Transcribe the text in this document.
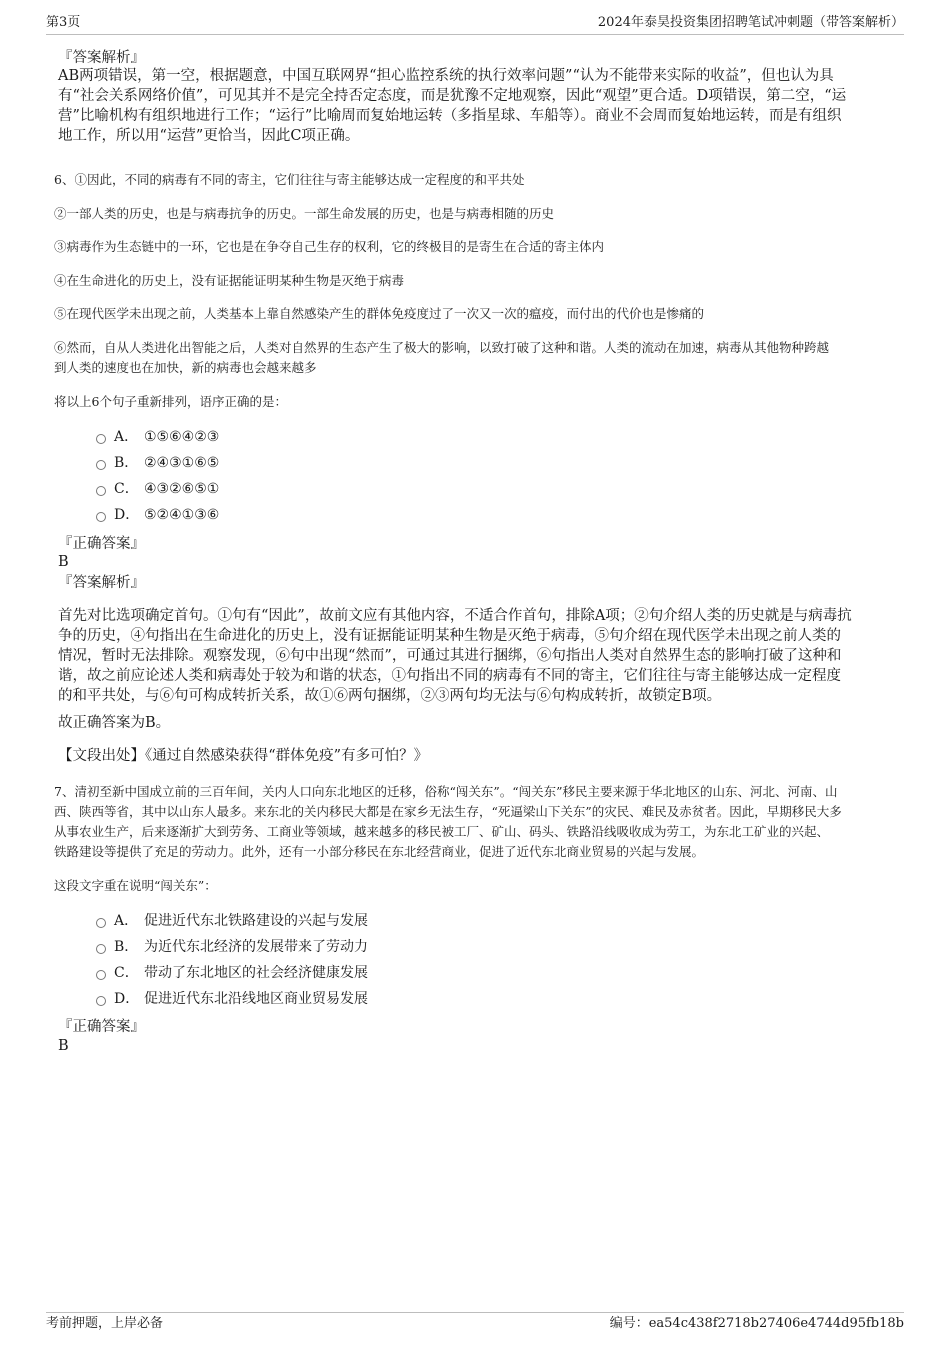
第3页	2024年泰昊投资集团招聘笔试冲刺题（带答案解析）
『答案解析』
AB两项错误，第一空，根据题意，中国互联网界“担心监控系统的执行效率问题”“认为不能带来实际的收益”，但也认为具
有“社会关系网络价值”，可见其并不是完全持否定态度，而是犹豫不定地观察，因此“观望”更合适。D项错误，第二空，“运
营”比喻机构有组织地进行工作；“运行”比喻周而复始地运转（多指星球、车船等）。商业不会周而复始地运转，而是有组织
地工作，所以用“运营”更恰当，因此C项正确。
6、①因此，不同的病毒有不同的寄主，它们往往与寄主能够达成一定程度的和平共处
②一部人类的历史，也是与病毒抗争的历史。一部生命发展的历史，也是与病毒相随的历史
③病毒作为生态链中的一环，它也是在争夺自己生存的权利，它的终极目的是寄生在合适的寄主体内
④在生命进化的历史上，没有证据能证明某种生物是灭绝于病毒
⑤在现代医学未出现之前，人类基本上靠自然感染产生的群体免疫度过了一次又一次的瘟疫，而付出的代价也是惨痛的
⑥然而，自从人类进化出智能之后，人类对自然界的生态产生了极大的影响，以致打破了这种和谐。人类的流动在加速，病毒从其他物种跨越
到人类的速度也在加快，新的病毒也会越来越多
将以上6个句子重新排列，语序正确的是：
A． ①⑤⑥④②③
B． ②④③①⑥⑤
C． ④③②⑥⑤①
D． ⑤②④①③⑥
『正确答案』
B
『答案解析』
首先对比选项确定首句。①句有“因此”，故前文应有其他内容，不适合作首句，排除A项；②句介绍人类的历史就是与病毒抗
争的历史，④句指出在生命进化的历史上，没有证据能证明某种生物是灭绝于病毒，⑤句介绍在现代医学未出现之前人类的
情况，暂时无法排除。观察发现，⑥句中出现“然而”，可通过其进行捆绑，⑥句指出人类对自然界生态的影响打破了这种和
谐，故之前应论述人类和病毒处于较为和谐的状态，①句指出不同的病毒有不同的寄主，它们往往与寄主能够达成一定程度
的和平共处，与⑥句可构成转折关系，故①⑥两句捆绑，②③两句均无法与⑥句构成转折，故锁定B项。
故正确答案为B。
【文段出处】《通过自然感染获得“群体免疫”有多可怕？》
7、清初至新中国成立前的三百年间，关内人口向东北地区的迁移，俗称“闯关东”。“闯关东”移民主要来源于华北地区的山东、河北、河南、山
西、陕西等省，其中以山东人最多。来东北的关内移民大都是在家乡无法生存，“死逼梁山下关东”的灾民、难民及赤贫者。因此，早期移民大多
从事农业生产，后来逐渐扩大到劳务、工商业等领域，越来越多的移民被工厂、矿山、码头、铁路沿线吸收成为劳工，为东北工矿业的兴起、
铁路建设等提供了充足的劳动力。此外，还有一小部分移民在东北经营商业，促进了近代东北商业贸易的兴起与发展。
这段文字重在说明“闯关东”：
A． 促进近代东北铁路建设的兴起与发展
B． 为近代东北经济的发展带来了劳动力
C． 带动了东北地区的社会经济健康发展
D． 促进近代东北沿线地区商业贸易发展
『正确答案』
B
考前押题，上岸必备	编号：ea54c438f2718b27406e4744d95fb18b
